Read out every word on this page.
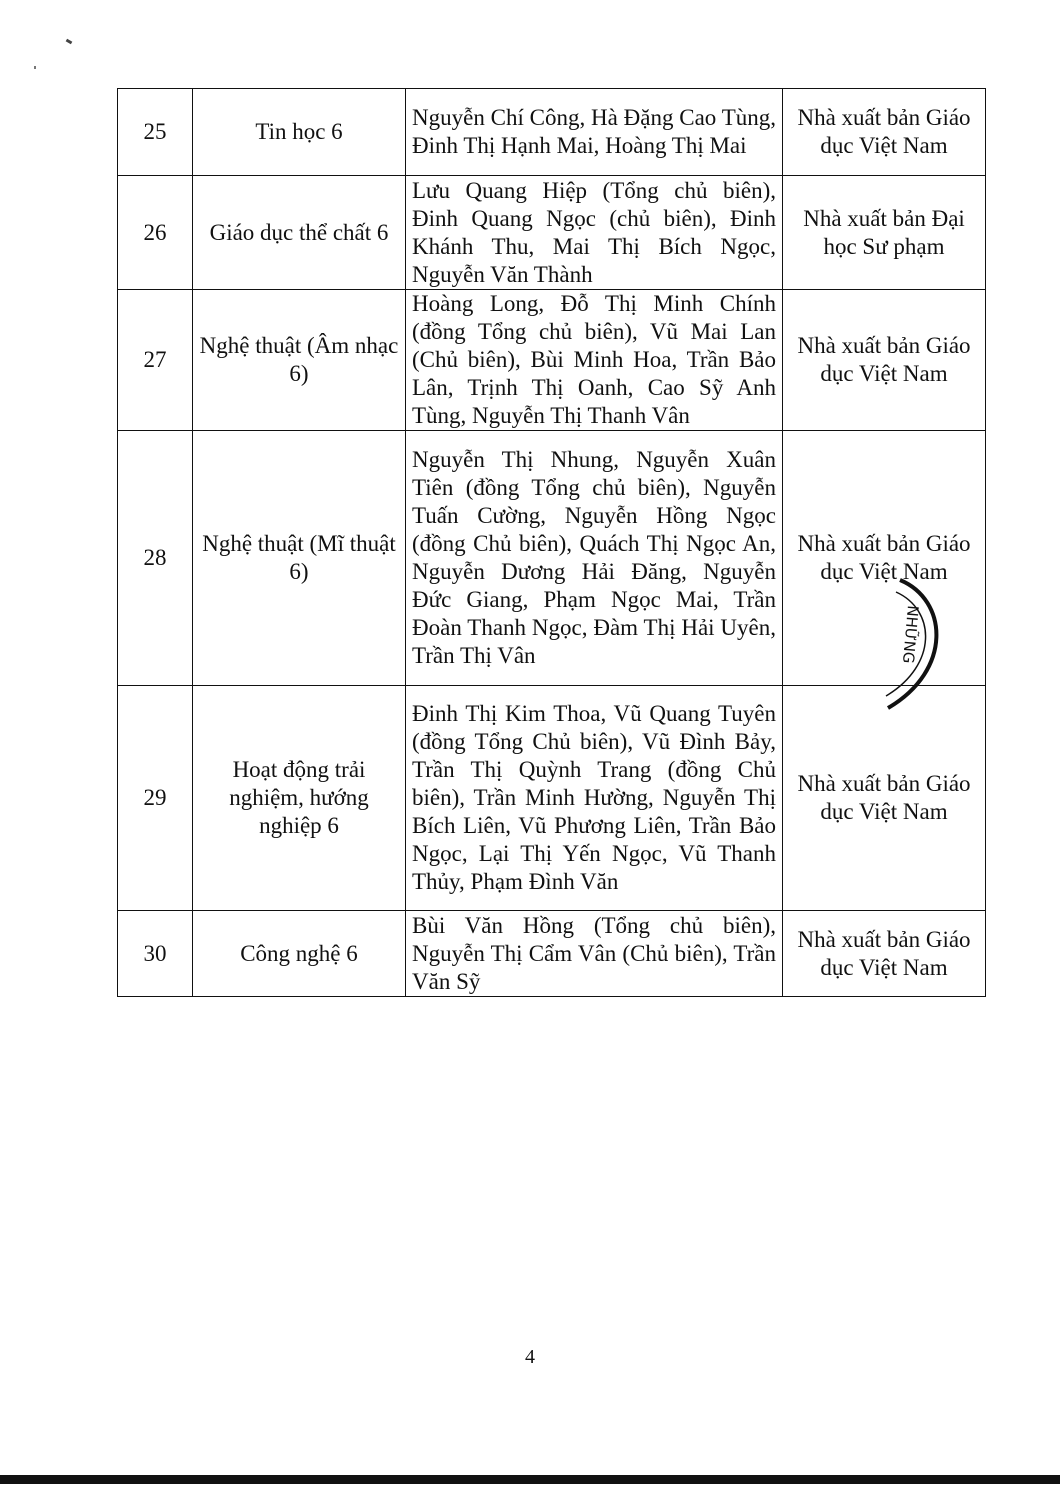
25	Tin học 6	Nguyễn Chí Công, Hà Đặng Cao Tùng, Đinh Thị Hạnh Mai, Hoàng Thị Mai	Nhà xuất bản Giáo dục Việt Nam
26	Giáo dục thể chất 6	Lưu Quang Hiệp (Tổng chủ biên), Đinh Quang Ngọc (chủ biên), Đinh Khánh Thu, Mai Thị Bích Ngọc, Nguyễn Văn Thành	Nhà xuất bản Đại học Sư phạm
27	Nghệ thuật (Âm nhạc 6)	Hoàng Long, Đỗ Thị Minh Chính (đồng Tổng chủ biên), Vũ Mai Lan (Chủ biên), Bùi Minh Hoa, Trần Bảo Lân, Trịnh Thị Oanh, Cao Sỹ Anh Tùng, Nguyễn Thị Thanh Vân	Nhà xuất bản Giáo dục Việt Nam
28	Nghệ thuật (Mĩ thuật 6)	Nguyễn Thị Nhung, Nguyễn Xuân Tiên (đồng Tổng chủ biên), Nguyễn Tuấn Cường, Nguyễn Hồng Ngọc (đồng Chủ biên), Quách Thị Ngọc An, Nguyễn Dương Hải Đăng, Nguyễn Đức Giang, Phạm Ngọc Mai, Trần Đoàn Thanh Ngọc, Đàm Thị Hải Uyên, Trần Thị Vân	Nhà xuất bản Giáo dục Việt Nam
29	Hoạt động trải nghiệm, hướng nghiệp 6	Đinh Thị Kim Thoa, Vũ Quang Tuyên (đồng Tổng Chủ biên), Vũ Đình Bảy, Trần Thị Quỳnh Trang (đồng Chủ biên), Trần Minh Hường, Nguyễn Thị Bích Liên, Vũ Phương Liên, Trần Bảo Ngọc, Lại Thị Yến Ngọc, Vũ Thanh Thủy, Phạm Đình Văn	Nhà xuất bản Giáo dục Việt Nam
30	Công nghệ 6	Bùi Văn Hồng (Tổng chủ biên), Nguyễn Thị Cẩm Vân (Chủ biên), Trần Văn Sỹ	Nhà xuất bản Giáo dục Việt Nam
NHỮNG
4
